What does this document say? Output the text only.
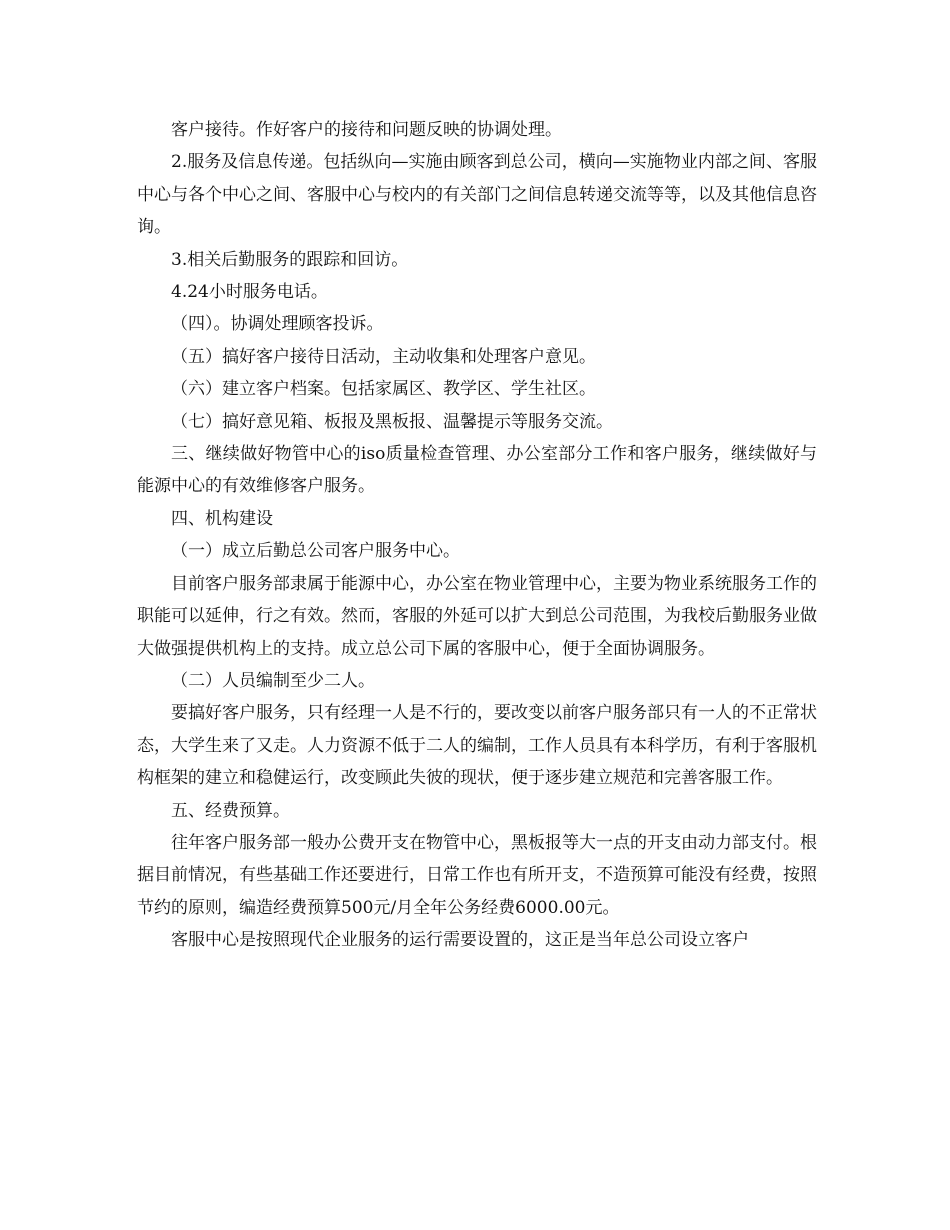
客户接待。作好客户的接待和问题反映的协调处理。

2.服务及信息传递。包括纵向—实施由顾客到总公司，横向—实施物业内部之间、客服中心与各个中心之间、客服中心与校内的有关部门之间信息转递交流等等，以及其他信息咨询。

3.相关后勤服务的跟踪和回访。

4.24小时服务电话。

（四）。协调处理顾客投诉。

（五）搞好客户接待日活动，主动收集和处理客户意见。

（六）建立客户档案。包括家属区、教学区、学生社区。

（七）搞好意见箱、板报及黑板报、温馨提示等服务交流。

三、继续做好物管中心的iso质量检查管理、办公室部分工作和客户服务，继续做好与能源中心的有效维修客户服务。

四、机构建设

（一）成立后勤总公司客户服务中心。

目前客户服务部隶属于能源中心，办公室在物业管理中心，主要为物业系统服务工作的职能可以延伸，行之有效。然而，客服的外延可以扩大到总公司范围，为我校后勤服务业做大做强提供机构上的支持。成立总公司下属的客服中心，便于全面协调服务。

（二）人员编制至少二人。

要搞好客户服务，只有经理一人是不行的，要改变以前客户服务部只有一人的不正常状态，大学生来了又走。人力资源不低于二人的编制，工作人员具有本科学历，有利于客服机构框架的建立和稳健运行，改变顾此失彼的现状，便于逐步建立规范和完善客服工作。

五、经费预算。

往年客户服务部一般办公费开支在物管中心，黑板报等大一点的开支由动力部支付。根据目前情况，有些基础工作还要进行，日常工作也有所开支，不造预算可能没有经费，按照节约的原则，编造经费预算500元/月全年公务经费6000.00元。

客服中心是按照现代企业服务的运行需要设置的，这正是当年总公司设立客户
